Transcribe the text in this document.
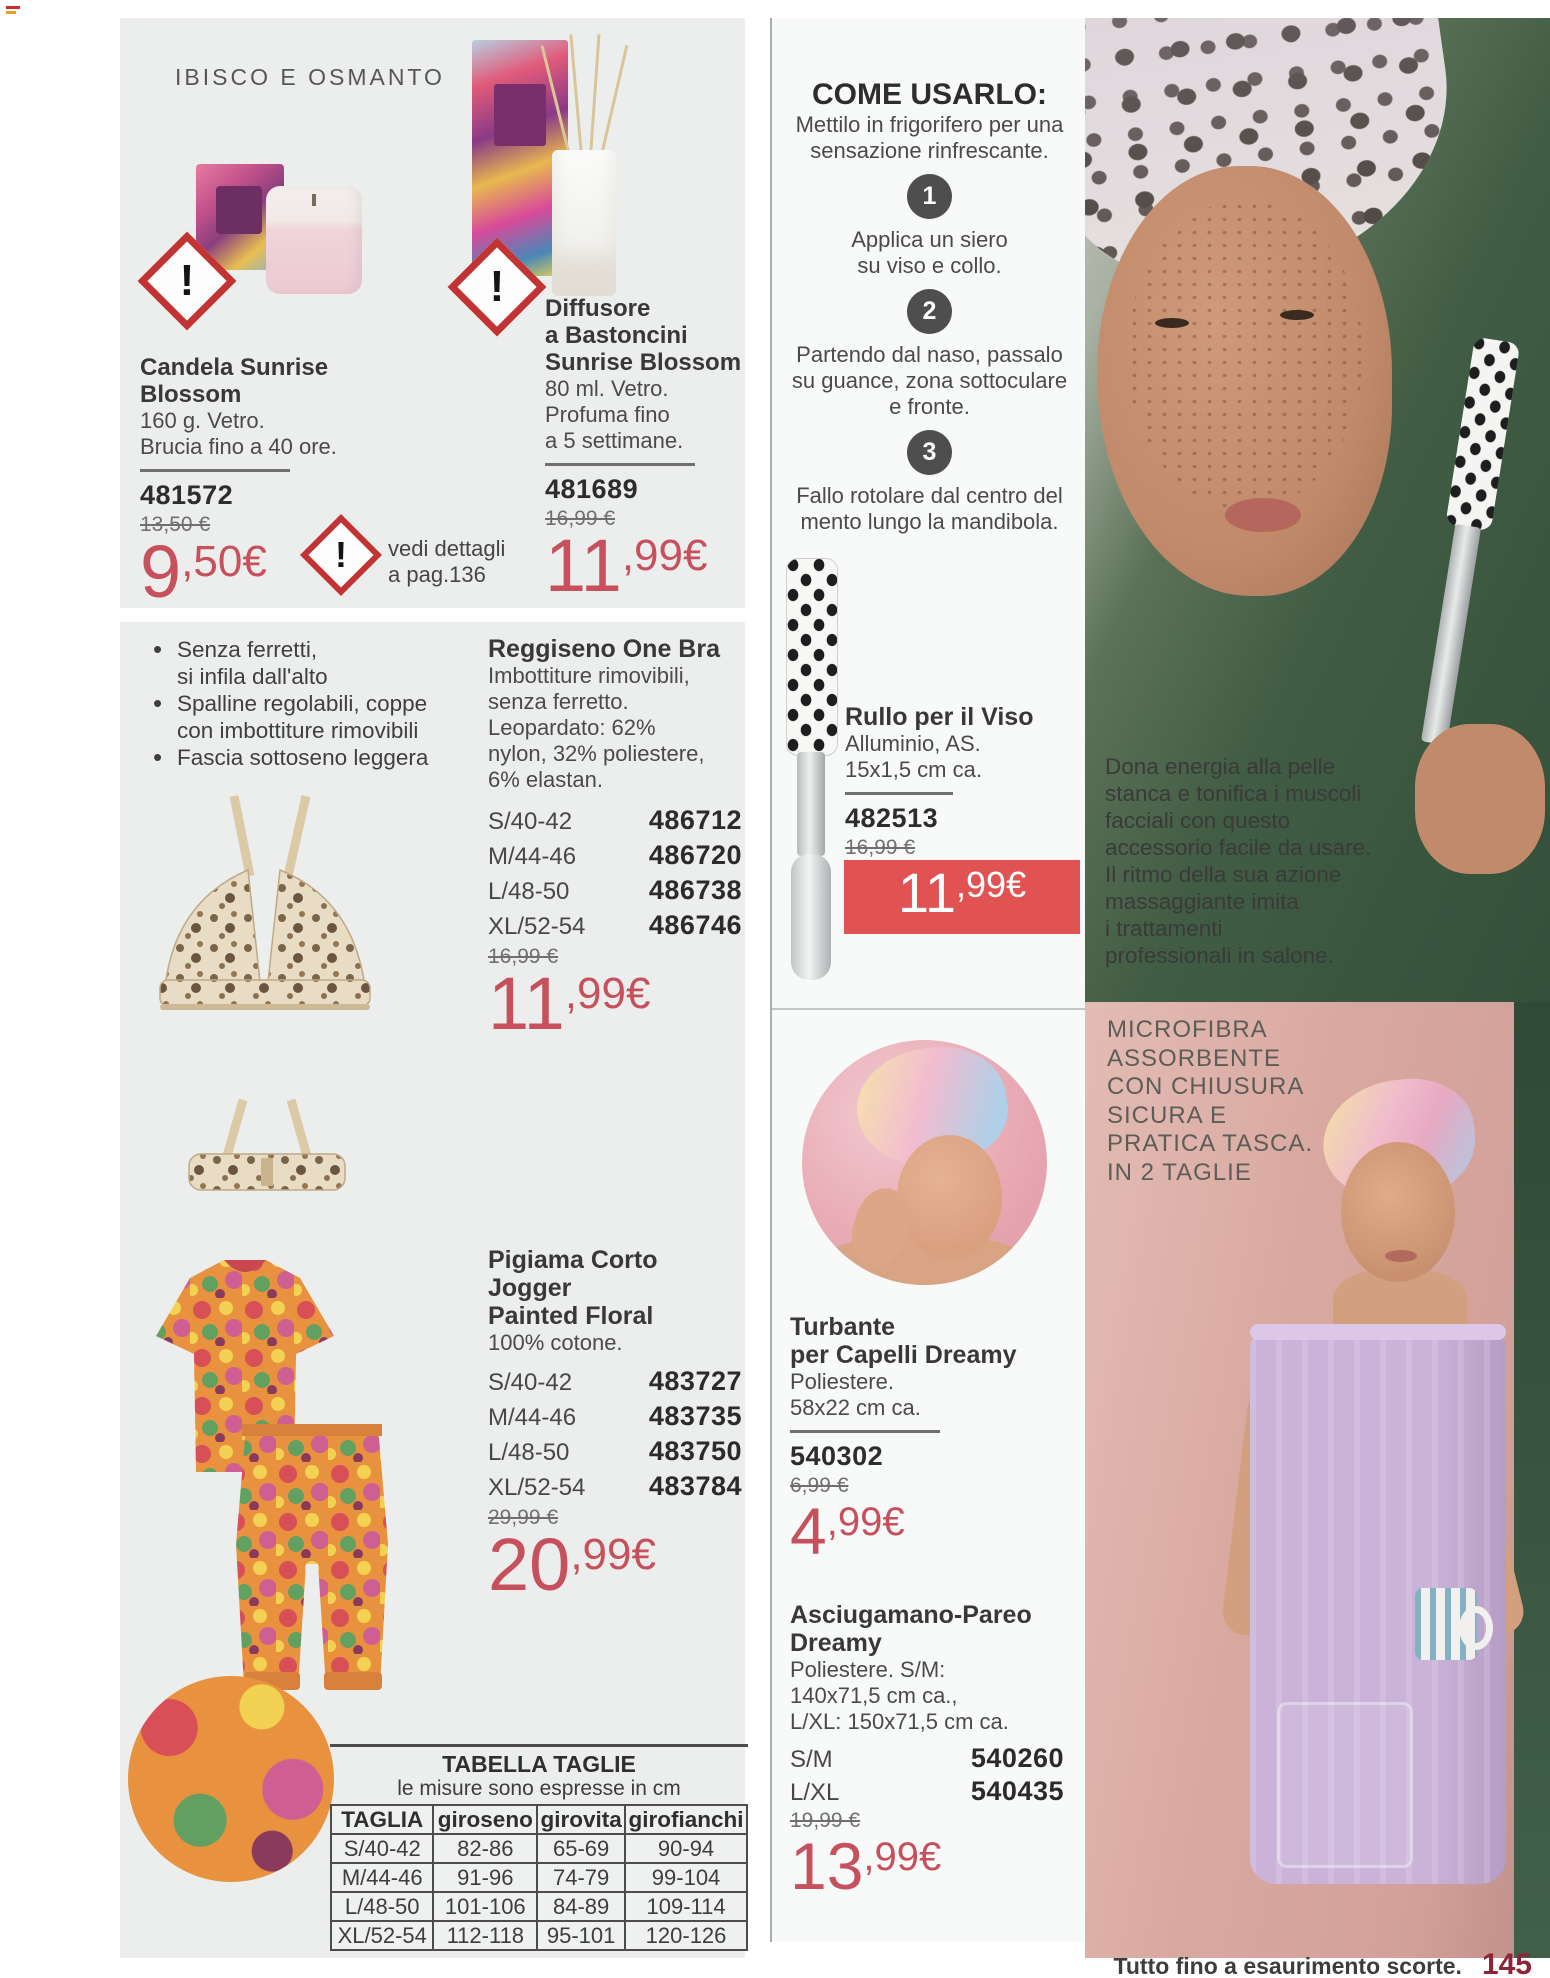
IBISCO E OSMANTO
!	!
Candela Sunrise
Blossom
160 g. Vetro.
Brucia fino a 40 ore.
481572
13,50 €
9 ,50€	!	vedi dettagli
a pag.136
Diffusore
a Bastoncini
Sunrise Blossom
80 ml. Vetro.
Profuma fino
a 5 settimane.
481689
16,99 €
11 ,99€
• Senza ferretti,
si infila dall'alto
• Spalline regolabili, coppe
con imbottiture rimovibili
• Fascia sottoseno leggera
Reggiseno One Bra
Imbottiture rimovibili,
senza ferretto.
Leopardato: 62%
nylon, 32% poliestere,
6% elastan.
S/40-42	486712
M/44-46	486720
L/48-50	486738
XL/52-54 486746
16,99 €
11 ,99€
Pigiama Corto Jogger
Painted Floral
100% cotone.
S/40-42	483727
M/44-46	483735
L/48-50	483750
XL/52-54 483784
29,99 €
20 ,99€
TABELLA TAGLIE
le misure sono espresse in cm
TAGLIA	giroseno	girovita	girofianchi
S/40-42	82-86	65-69	90-94
M/44-46	91-96	74-79	99-104
L/48-50	101-106	84-89	109-114
XL/52-54	112-118	95-101	120-126
COME USARLO:
Mettilo in frigorifero per una
sensazione rinfrescante.
1
Applica un siero
su viso e collo.
2
Partendo dal naso, passalo
su guance, zona sottoculare
e fronte.
3
Fallo rotolare dal centro del
mento lungo la mandibola.
Rullo per il Viso
Alluminio, AS.
15x1,5 cm ca.
482513
16,99 €
11 ,99€
Turbante
per Capelli Dreamy
Poliestere.
58x22 cm ca.
540302
6,99 €
4 ,99€
Asciugamano-Pareo
Dreamy
Poliestere. S/M:
140x71,5 cm ca.,
L/XL: 150x71,5 cm ca.
S/M	540260
L/XL	540435
19,99 €
13 ,99€
Dona energia alla pelle
stanca e tonifica i muscoli
facciali con questo
accessorio facile da usare.
Il ritmo della sua azione
massaggiante imita
i trattamenti
professionali in salone.
MICROFIBRA
ASSORBENTE
CON CHIUSURA
SICURA E
PRATICA TASCA.
IN 2 TAGLIE
Tutto fino a esaurimento scorte. 145
